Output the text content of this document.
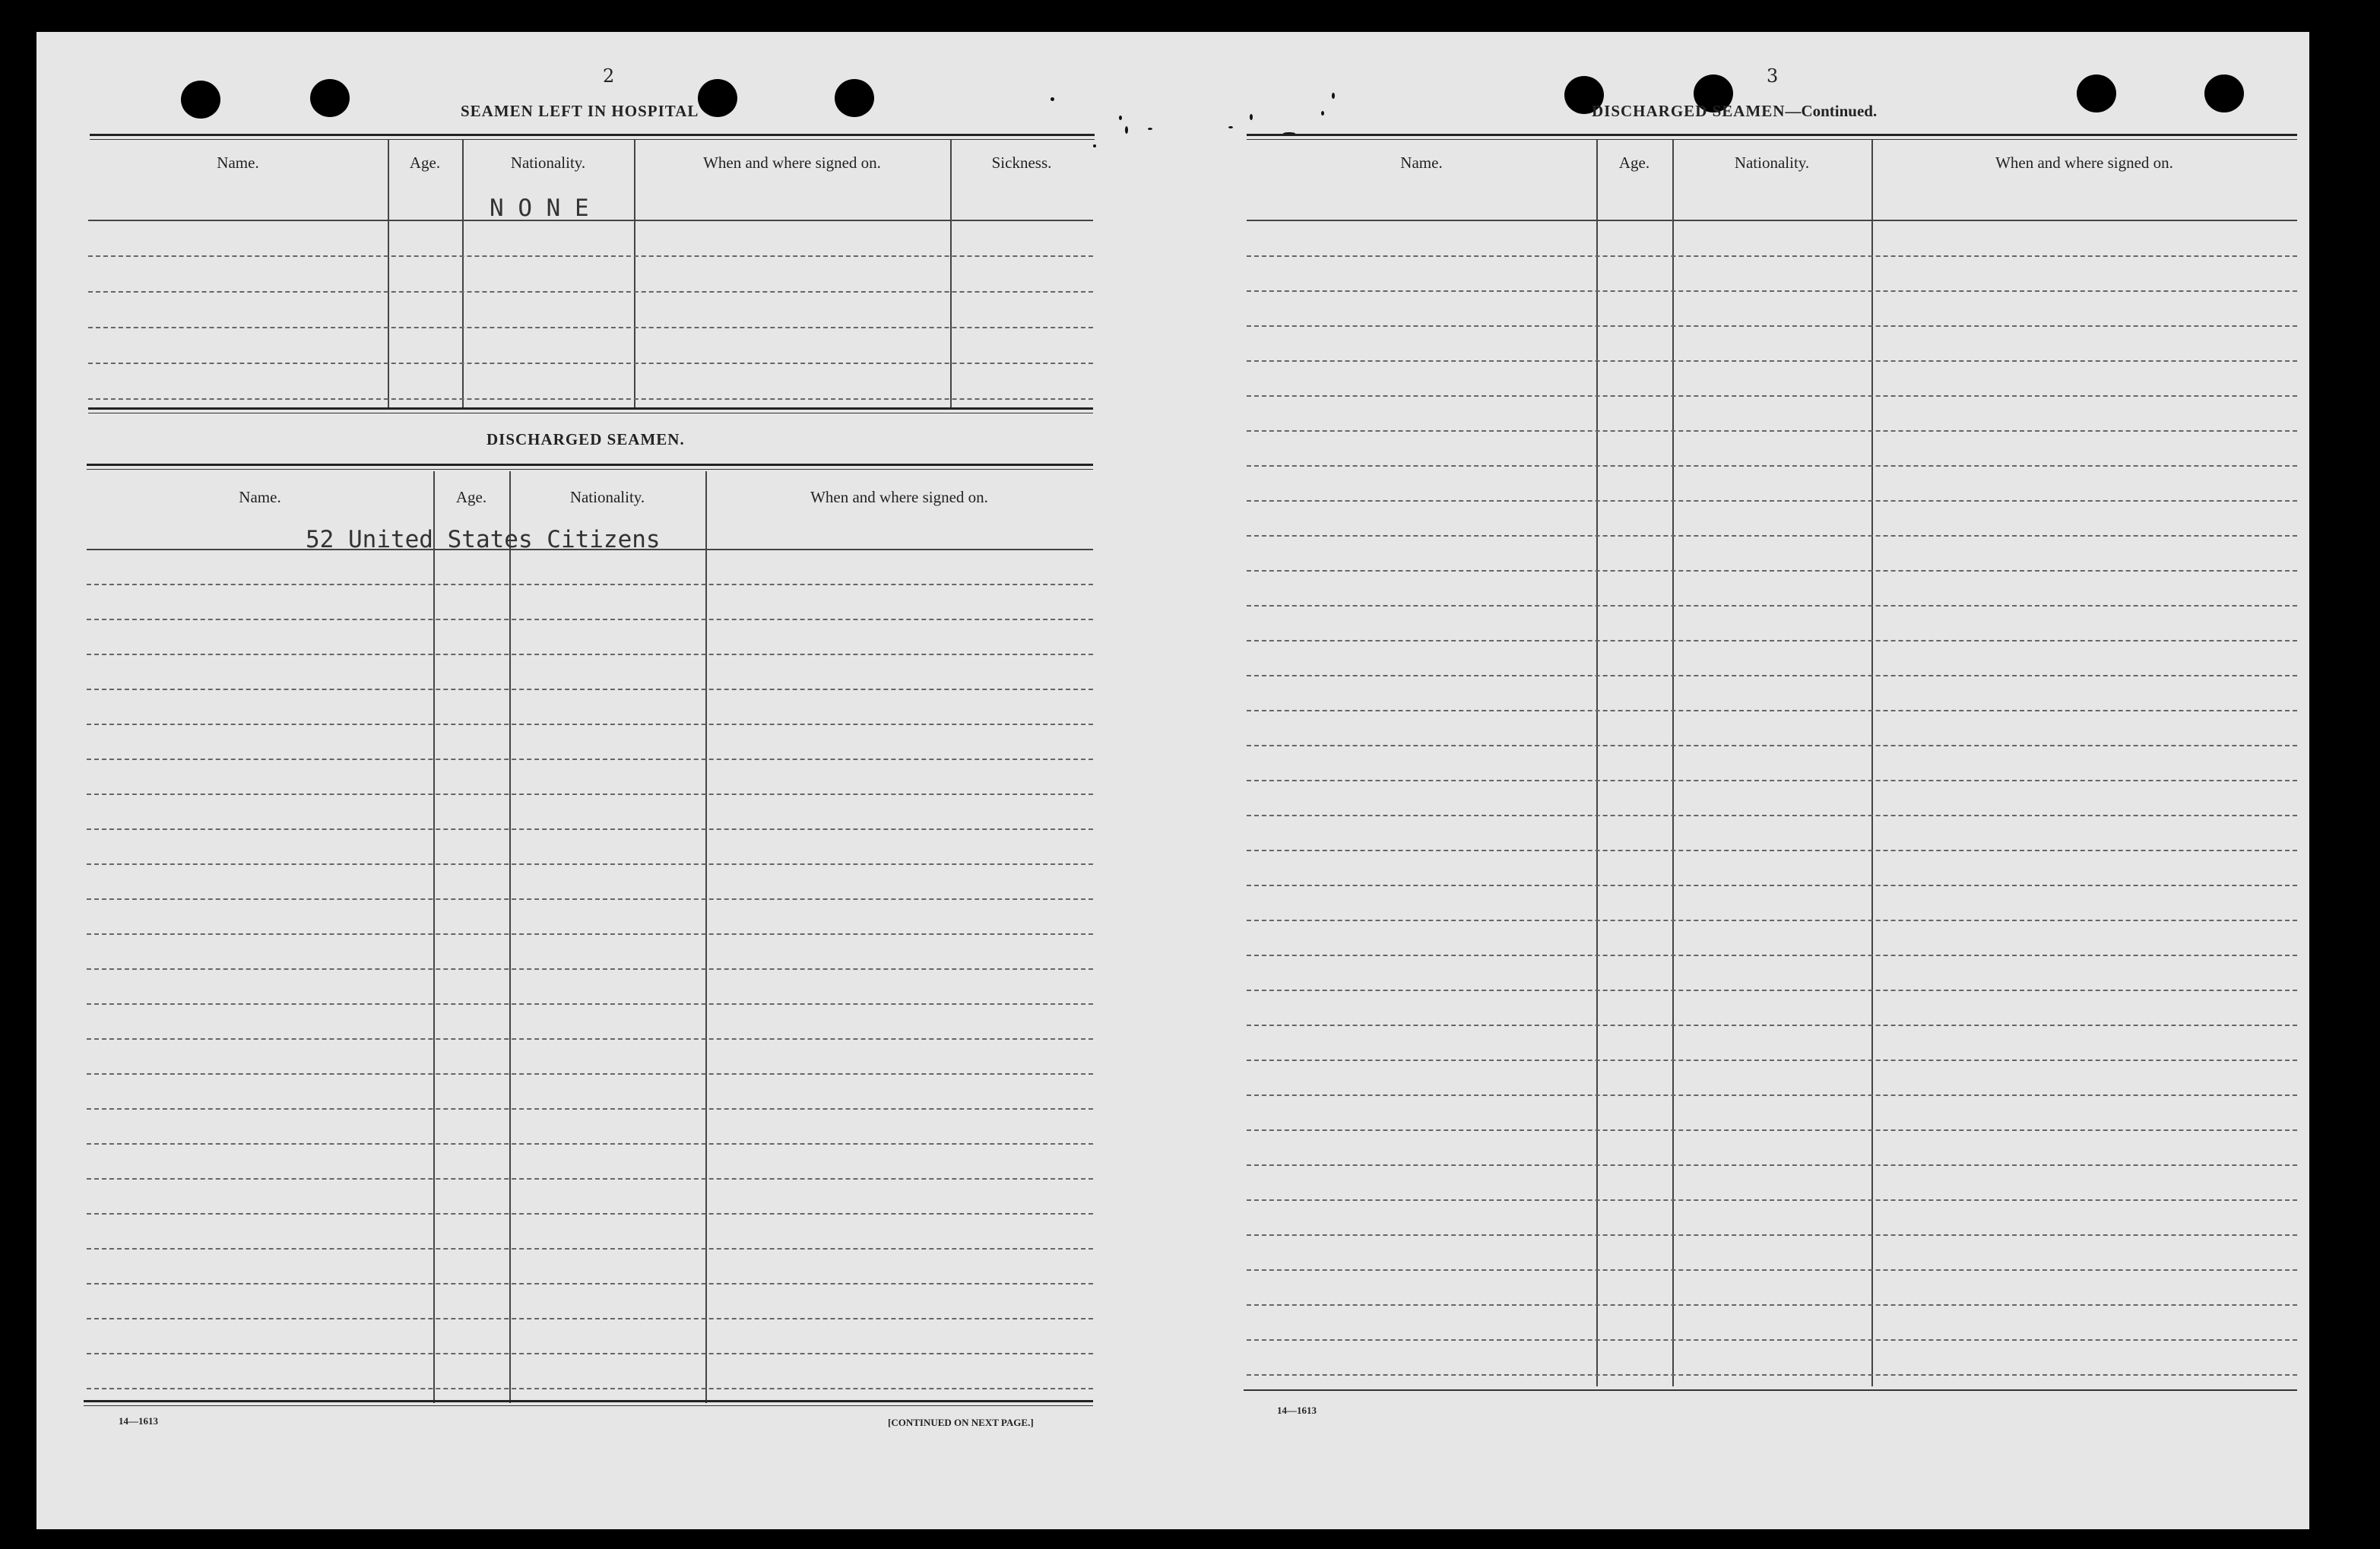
2
SEAMEN LEFT IN HOSPITAL
Name.	Age.	Nationality.	When and where signed on.	Sickness.
N O N E
DISCHARGED SEAMEN.
Name.	Age.	Nationality.	When and where signed on.
52 United States Citizens
14—1613	[CONTINUED ON NEXT PAGE.]
3
DISCHARGED SEAMEN—Continued.
Name.	Age.	Nationality.	When and where signed on.
14—1613
